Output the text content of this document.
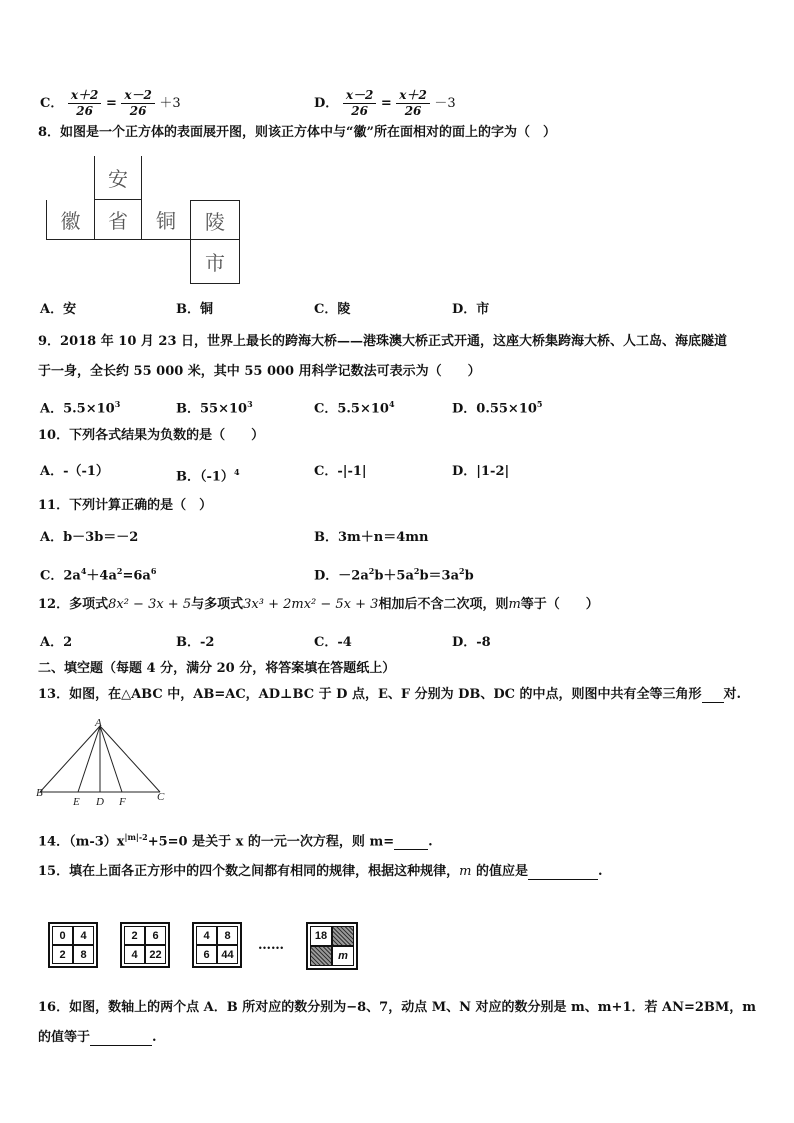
C． $\frac{x+2}{26} = \frac{x-2}{26} +3$	D． $\frac{x-2}{26} = \frac{x+2}{26} -3$
8．如图是一个正方体的表面展开图，则该正方体中与“徽”所在面相对的面上的字为（　）
安
徽	省	铜	陵
市
A．安	B．铜	C．陵	D．市
9．2018 年 10 月 23 日，世界上最长的跨海大桥——港珠澳大桥正式开通，这座大桥集跨海大桥、人工岛、海底隧道
于一身，全长约 55 000 米，其中 55 000 用科学记数法可表示为（　　）
A．$5.5\times 10^3$	B．$55\times 10^3$	C．$5.5\times 10^4$	D．$0.55\times 10^5$
10．下列各式结果为负数的是（　　）
A．-（-1）	B．$(-1)^4$	C．-|-1|	D．|1-2|
11．下列计算正确的是（　）
A．b－3b＝－2	B．3m＋n＝4mn
C．$2a^4+4a^2=6a^6$	D．$-2a^2b+5a^2b=3a^2b$
12．多项式8x² − 3x + 5与多项式3x³ + 2mx² − 5x + 3相加后不含二次项，则m等于（　　）
A．2	B．-2	C．-4	D．-8
二、填空题（每题 4 分，满分 20 分，将答案填在答题纸上）
13．如图，在△ABC 中，AB=AC，AD⊥BC 于 D 点，E、F 分别为 DB、DC 的中点，则图中共有全等三角形 对.
A
B
E D F	C
14．$(m-3)x^{|m|-2}+5=0$ 是关于 x 的一元一次方程，则 m=	.
15．填在上面各正方形中的四个数之间都有相同的规律，根据这种规律，m 的值应是	.
0	4
2	8
2	6
4	22
4	8
6	44
……
18
m
16．如图，数轴上的两个点 A．B 所对应的数分别为−8、7，动点 M、N 对应的数分别是 m、m+1．若 AN=2BM，m
的值等于	.
